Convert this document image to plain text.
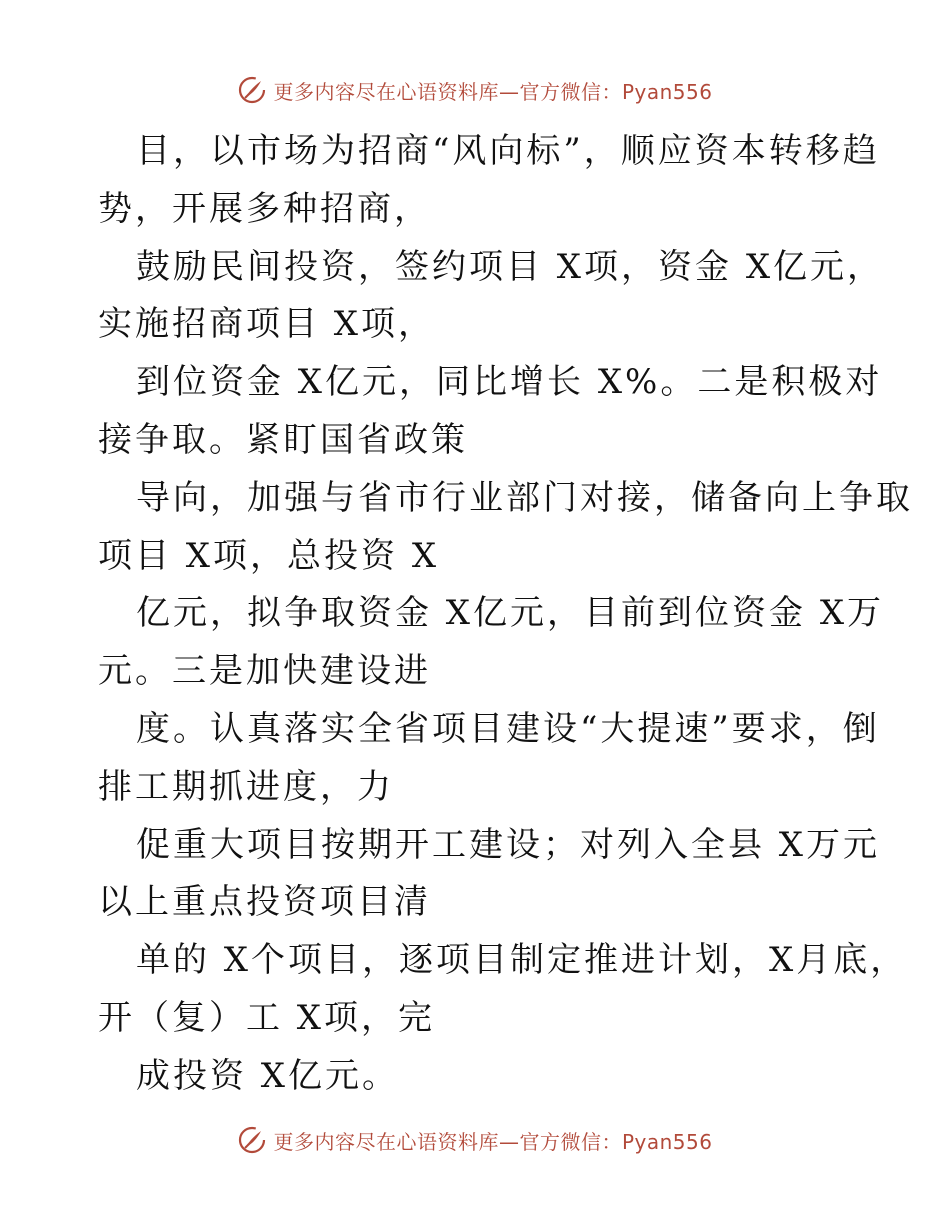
更多内容尽在心语资料库—官方微信：Pyan556
目，以市场为招商“风向标”，顺应资本转移趋
势，开展多种招商，
鼓励民间投资，签约项目 X项，资金 X亿元，
实施招商项目 X项，
到位资金 X亿元，同比增长 X%。二是积极对
接争取。紧盯国省政策
导向，加强与省市行业部门对接，储备向上争取
项目 X项，总投资 X
亿元，拟争取资金 X亿元，目前到位资金 X万
元。三是加快建设进
度。认真落实全省项目建设“大提速”要求，倒
排工期抓进度，力
促重大项目按期开工建设；对列入全县 X万元
以上重点投资项目清
单的 X个项目，逐项目制定推进计划，X月底，
开（复）工 X项，完
成投资 X亿元。
更多内容尽在心语资料库—官方微信：Pyan556
